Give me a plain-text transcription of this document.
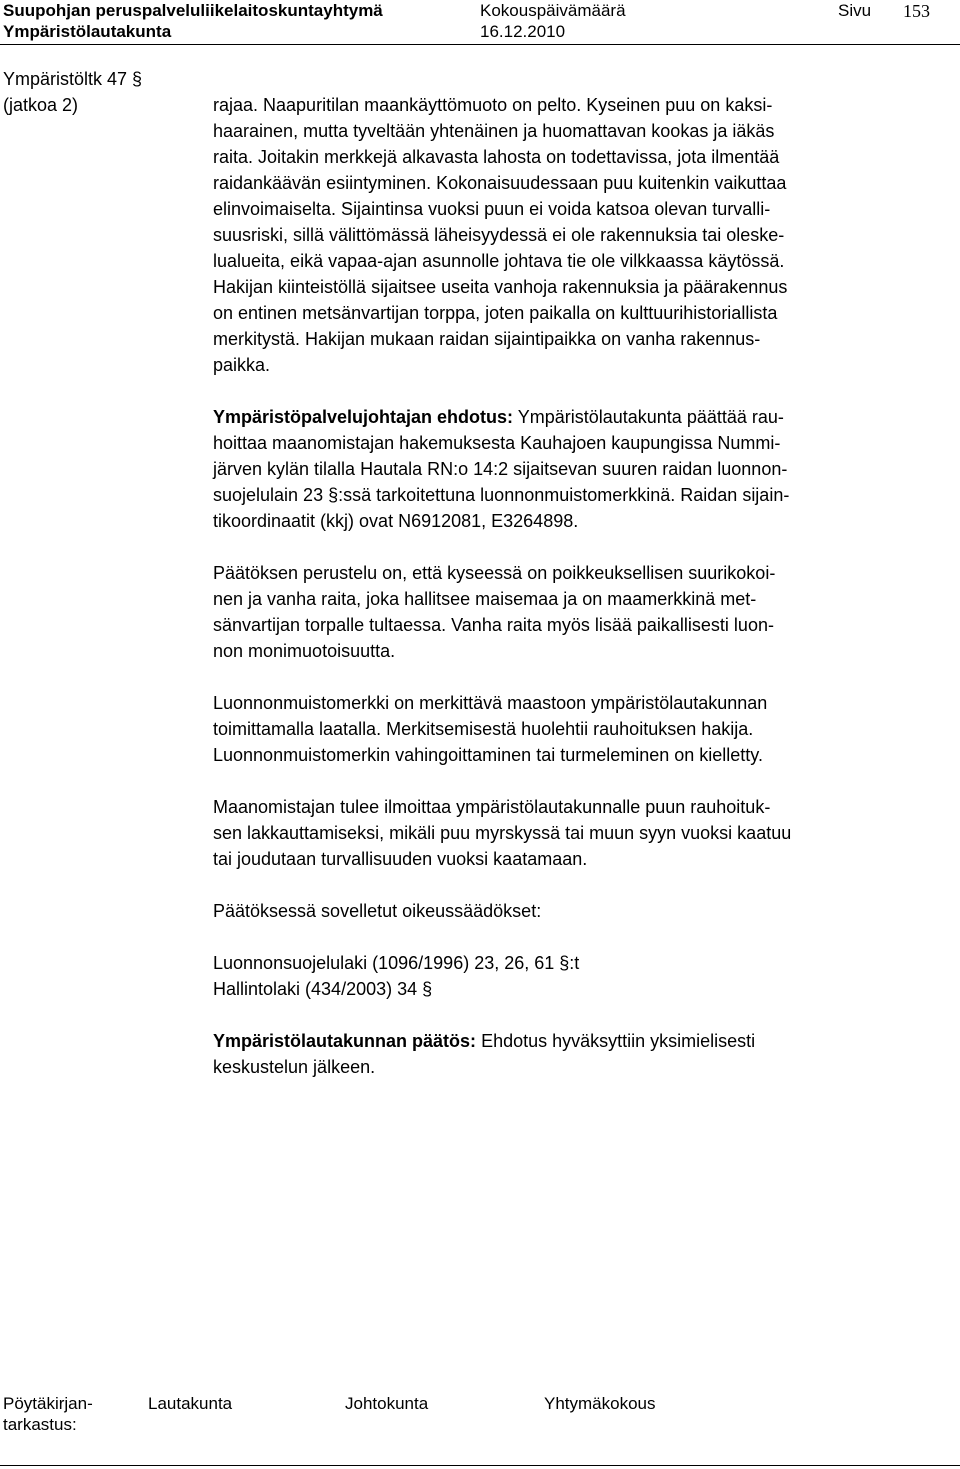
Suupohjan peruspalveluliikelaitoskuntayhtymä	Kokouspäivämäärä	Sivu 153
Ympäristölautakunta	16.12.2010
Ympäristöltk 47 §
(jatkoa 2)	rajaa. Naapuritilan maankäyttömuoto on pelto. Kyseinen puu on kaksi-
haarainen, mutta tyveltään yhtenäinen ja huomattavan kookas ja iäkäs
raita. Joitakin merkkejä alkavasta lahosta on todettavissa, jota ilmentää
raidankäävän esiintyminen. Kokonaisuudessaan puu kuitenkin vaikuttaa
elinvoimaiselta. Sijaintinsa vuoksi puun ei voida katsoa olevan turvalli-
suusriski, sillä välittömässä läheisyydessä ei ole rakennuksia tai oleske-
lualueita, eikä vapaa-ajan asunnolle johtava tie ole vilkkaassa käytössä.
Hakijan kiinteistöllä sijaitsee useita vanhoja rakennuksia ja päärakennus
on entinen metsänvartijan torppa, joten paikalla on kulttuurihistoriallista
merkitystä. Hakijan mukaan raidan sijaintipaikka on vanha rakennus-
paikka.

Ympäristöpalvelujohtajan ehdotus: Ympäristölautakunta päättää rau-
hoittaa maanomistajan hakemuksesta Kauhajoen kaupungissa Nummi-
järven kylän tilalla Hautala RN:o 14:2 sijaitsevan suuren raidan luonnon-
suojelulain 23 §:ssä tarkoitettuna luonnonmuistomerkkinä. Raidan sijain-
tikoordinaatit (kkj) ovat N6912081, E3264898.

Päätöksen perustelu on, että kyseessä on poikkeuksellisen suurikokoi-
nen ja vanha raita, joka hallitsee maisemaa ja on maamerkkinä met-
sänvartijan torpalle tultaessa. Vanha raita myös lisää paikallisesti luon-
non monimuotoisuutta.

Luonnonmuistomerkki on merkittävä maastoon ympäristölautakunnan
toimittamalla laatalla. Merkitsemisestä huolehtii rauhoituksen hakija.
Luonnonmuistomerkin vahingoittaminen tai turmeleminen on kielletty.

Maanomistajan tulee ilmoittaa ympäristölautakunnalle puun rauhoituk-
sen lakkauttamiseksi, mikäli puu myrskyssä tai muun syyn vuoksi kaatuu
tai joudutaan turvallisuuden vuoksi kaatamaan.

Päätöksessä sovelletut oikeussäädökset:

Luonnonsuojelulaki (1096/1996) 23, 26, 61 §:t
Hallintolaki (434/2003) 34 §

Ympäristölautakunnan päätös: Ehdotus hyväksyttiin yksimielisesti
keskustelun jälkeen.

Pöytäkirjan-
tarkastus:
Lautakunta	Johtokunta	Yhtymäkokous
